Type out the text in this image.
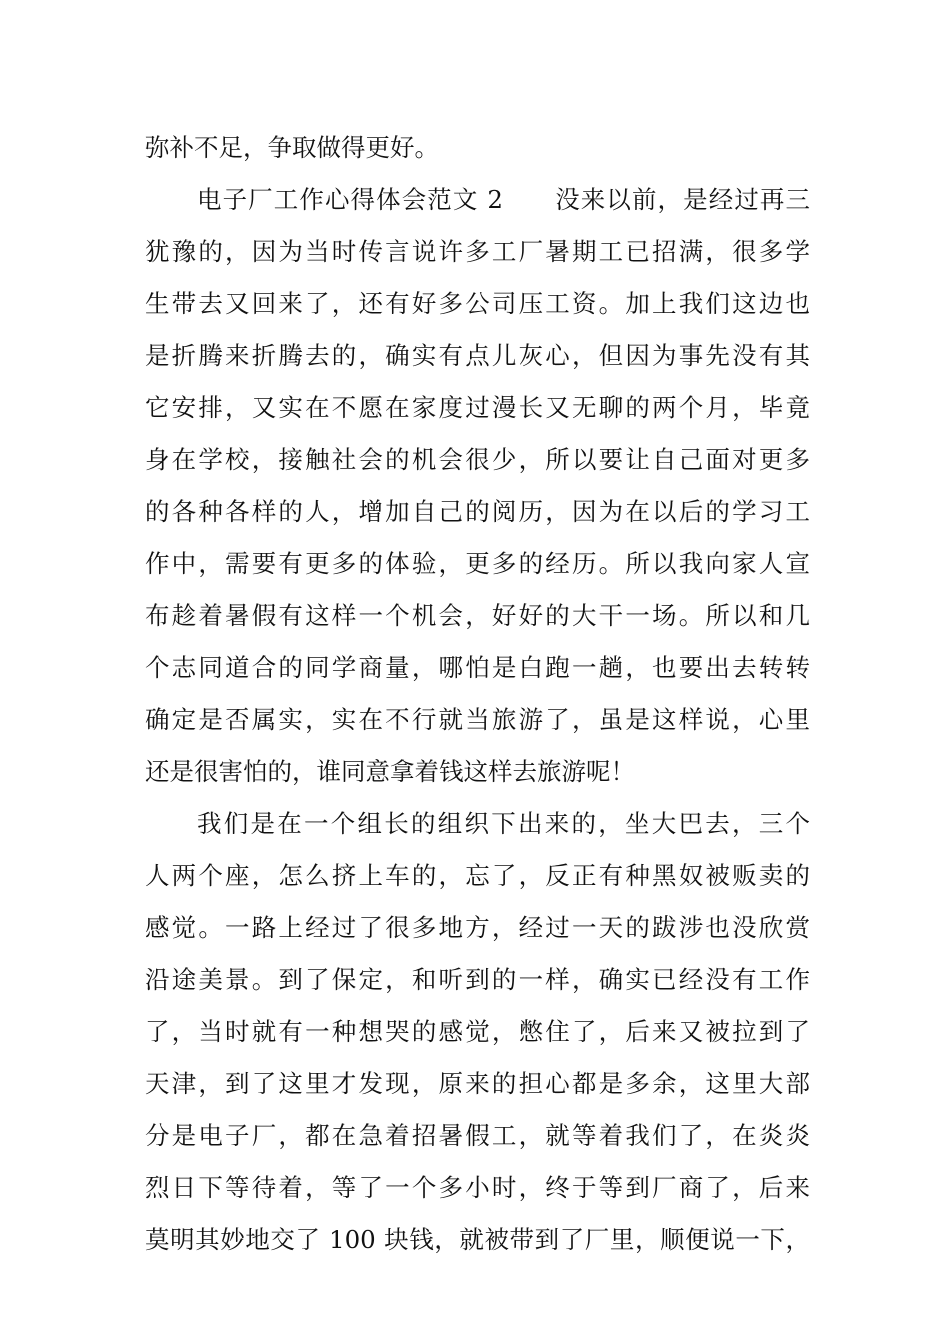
弥补不足，争取做得更好。
电子厂工作心得体会范文 2　　没来以前，是经过再三
犹豫的，因为当时传言说许多工厂暑期工已招满，很多学
生带去又回来了，还有好多公司压工资。加上我们这边也
是折腾来折腾去的，确实有点儿灰心，但因为事先没有其
它安排，又实在不愿在家度过漫长又无聊的两个月，毕竟
身在学校，接触社会的机会很少，所以要让自己面对更多
的各种各样的人，增加自己的阅历，因为在以后的学习工
作中，需要有更多的体验，更多的经历。所以我向家人宣
布趁着暑假有这样一个机会，好好的大干一场。所以和几
个志同道合的同学商量，哪怕是白跑一趟，也要出去转转
确定是否属实，实在不行就当旅游了，虽是这样说，心里
还是很害怕的，谁同意拿着钱这样去旅游呢！
我们是在一个组长的组织下出来的，坐大巴去，三个
人两个座，怎么挤上车的，忘了，反正有种黑奴被贩卖的
感觉。一路上经过了很多地方，经过一天的跋涉也没欣赏
沿途美景。到了保定，和听到的一样，确实已经没有工作
了，当时就有一种想哭的感觉，憋住了，后来又被拉到了
天津，到了这里才发现，原来的担心都是多余，这里大部
分是电子厂，都在急着招暑假工，就等着我们了，在炎炎
烈日下等待着，等了一个多小时，终于等到厂商了，后来
莫明其妙地交了 100 块钱，就被带到了厂里，顺便说一下，
